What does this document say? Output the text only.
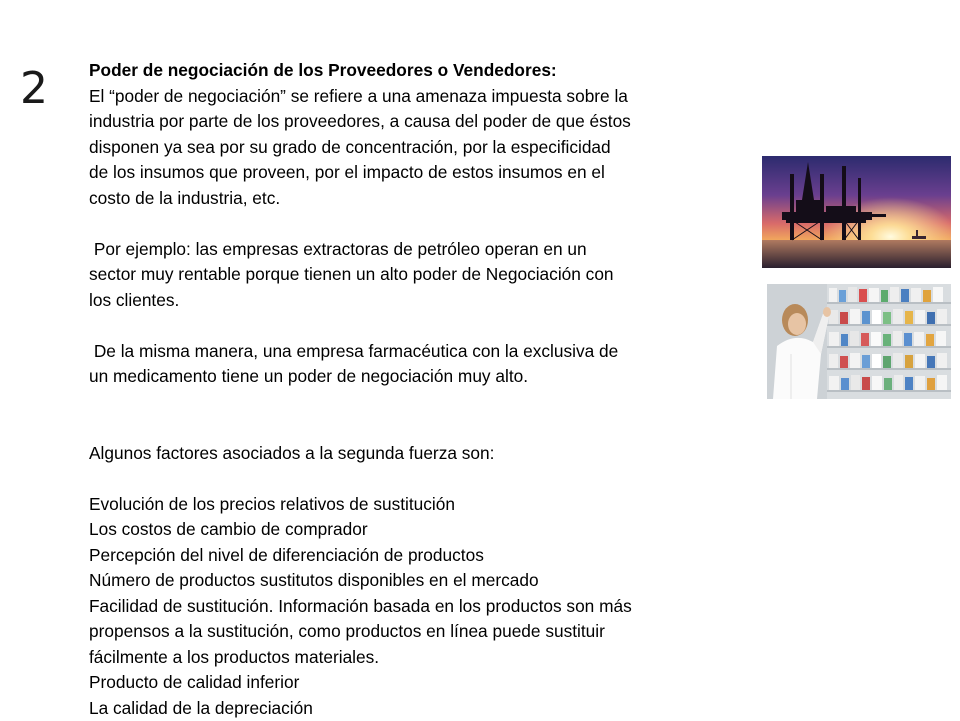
2 Poder de negociación de los Proveedores o Vendedores:

El “poder de negociación” se refiere a una amenaza impuesta sobre la

industria por parte de los proveedores, a causa del poder de que éstos

disponen ya sea por su grado de concentración, por la especificidad

de los insumos que proveen, por el impacto de estos insumos en el

costo de la industria, etc.

Por ejemplo: las empresas extractoras de petróleo operan en un

sector muy rentable porque tienen un alto poder de Negociación con

los clientes.

De la misma manera, una empresa farmacéutica con la exclusiva de

un medicamento tiene un poder de negociación muy alto.

Algunos factores asociados a la segunda fuerza son:

Evolución de los precios relativos de sustitución
Los costos de cambio de comprador
Percepción del nivel de diferenciación de productos
Número de productos sustitutos disponibles en el mercado
Facilidad de sustitución. Información basada en los productos son más
propensos a la sustitución, como productos en línea puede sustituir
fácilmente a los productos materiales.
Producto de calidad inferior
La calidad de la depreciación
